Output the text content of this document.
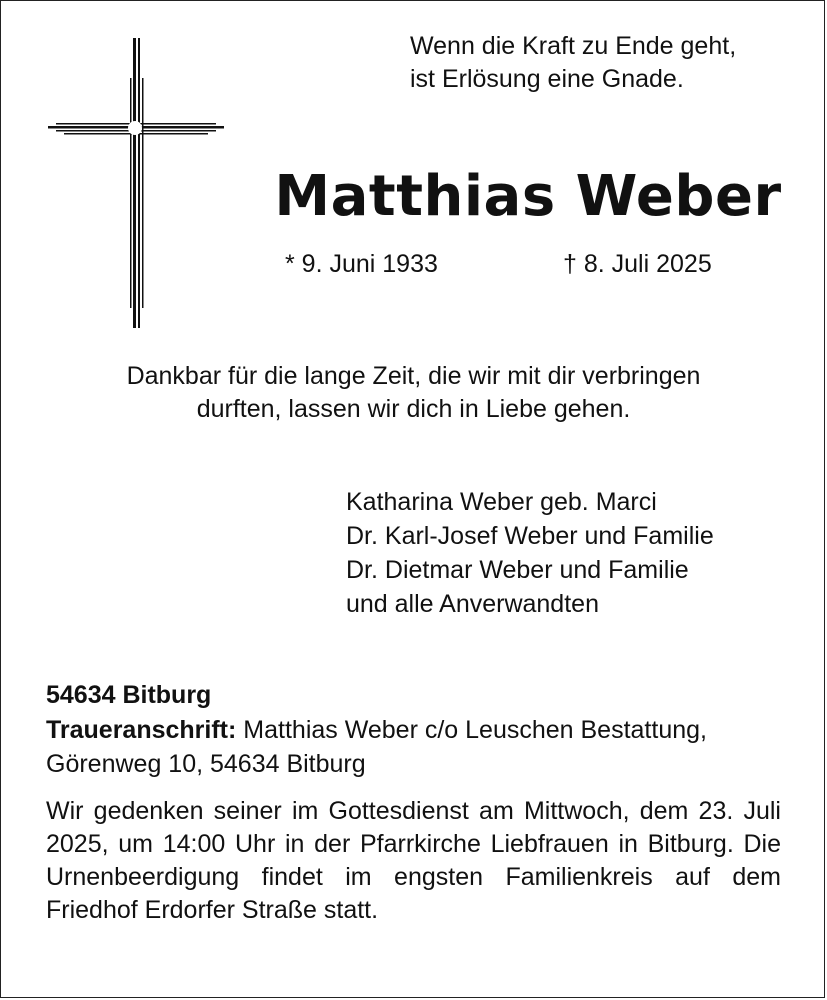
Wenn die Kraft zu Ende geht,
ist Erlösung eine Gnade.
Matthias Weber
* 9. Juni 1933	† 8. Juli 2025
Dankbar für die lange Zeit, die wir mit dir verbringen
durften, lassen wir dich in Liebe gehen.
Katharina Weber geb. Marci
Dr. Karl-Josef Weber und Familie
Dr. Dietmar Weber und Familie
und alle Anverwandten
54634 Bitburg
Traueranschrift: Matthias Weber c/o Leuschen Bestattung,
Görenweg 10, 54634 Bitburg
Wir gedenken seiner im Gottesdienst am Mittwoch, dem 23. Juli 2025, um 14:00 Uhr in der Pfarrkirche Liebfrauen in Bitburg. Die Urnenbeerdigung findet im engsten Familienkreis auf dem Friedhof Erdorfer Straße statt.
